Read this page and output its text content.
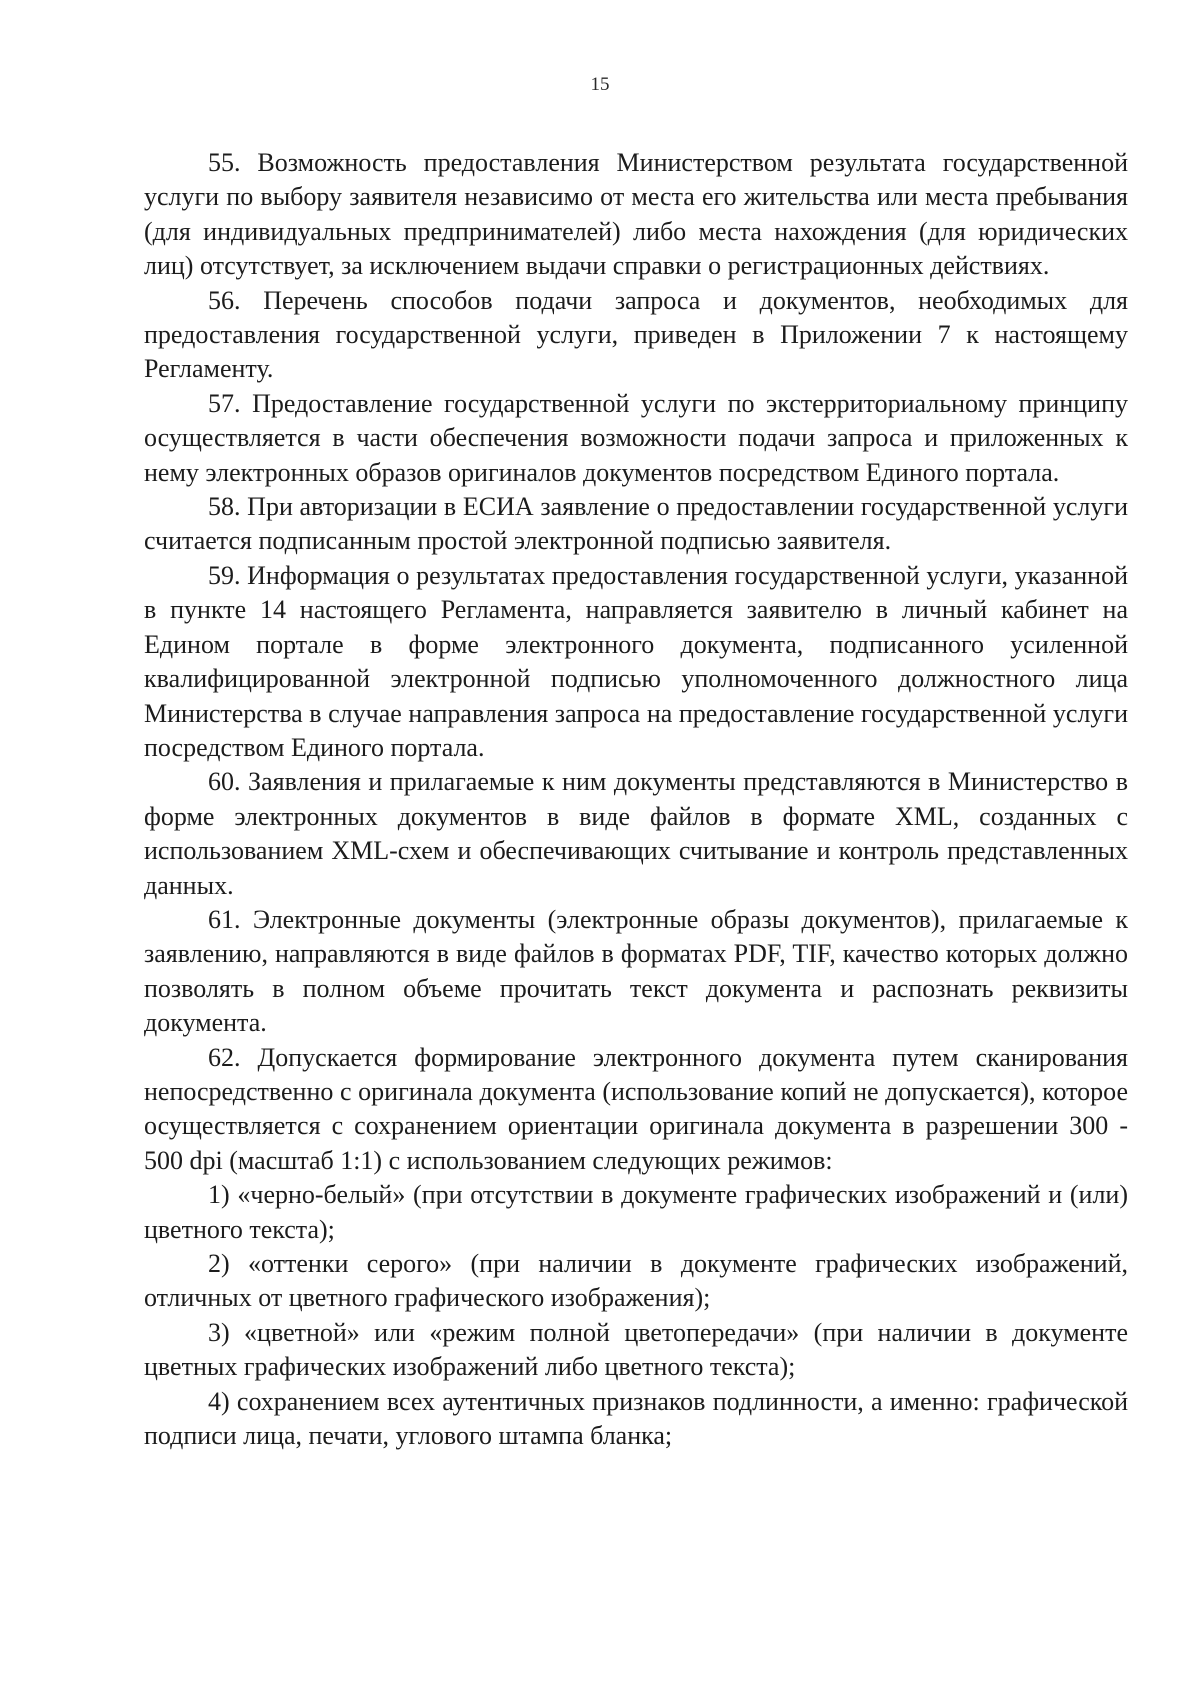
15

55. Возможность предоставления Министерством результата государственной услуги по выбору заявителя независимо от места его жительства или места пребывания (для индивидуальных предпринимателей) либо места нахождения (для юридических лиц) отсутствует, за исключением выдачи справки о регистрационных действиях.

56. Перечень способов подачи запроса и документов, необходимых для предоставления государственной услуги, приведен в Приложении 7 к настоящему Регламенту.

57. Предоставление государственной услуги по экстерриториальному принципу осуществляется в части обеспечения возможности подачи запроса и приложенных к нему электронных образов оригиналов документов посредством Единого портала.

58. При авторизации в ЕСИА заявление о предоставлении государственной услуги считается подписанным простой электронной подписью заявителя.

59. Информация о результатах предоставления государственной услуги, указанной в пункте 14 настоящего Регламента, направляется заявителю в личный кабинет на Едином портале в форме электронного документа, подписанного усиленной квалифицированной электронной подписью уполномоченного должностного лица Министерства в случае направления запроса на предоставление государственной услуги посредством Единого портала.

60. Заявления и прилагаемые к ним документы представляются в Министерство в форме электронных документов в виде файлов в формате XML, созданных с использованием XML-схем и обеспечивающих считывание и контроль представленных данных.

61. Электронные документы (электронные образы документов), прилагаемые к заявлению, направляются в виде файлов в форматах PDF, TIF, качество которых должно позволять в полном объеме прочитать текст документа и распознать реквизиты документа.

62. Допускается формирование электронного документа путем сканирования непосредственно с оригинала документа (использование копий не допускается), которое осуществляется с сохранением ориентации оригинала документа в разрешении 300 - 500 dpi (масштаб 1:1) с использованием следующих режимов:

1) «черно-белый» (при отсутствии в документе графических изображений и (или) цветного текста);

2) «оттенки серого» (при наличии в документе графических изображений, отличных от цветного графического изображения);

3) «цветной» или «режим полной цветопередачи» (при наличии в документе цветных графических изображений либо цветного текста);

4) сохранением всех аутентичных признаков подлинности, а именно: графической подписи лица, печати, углового штампа бланка;
